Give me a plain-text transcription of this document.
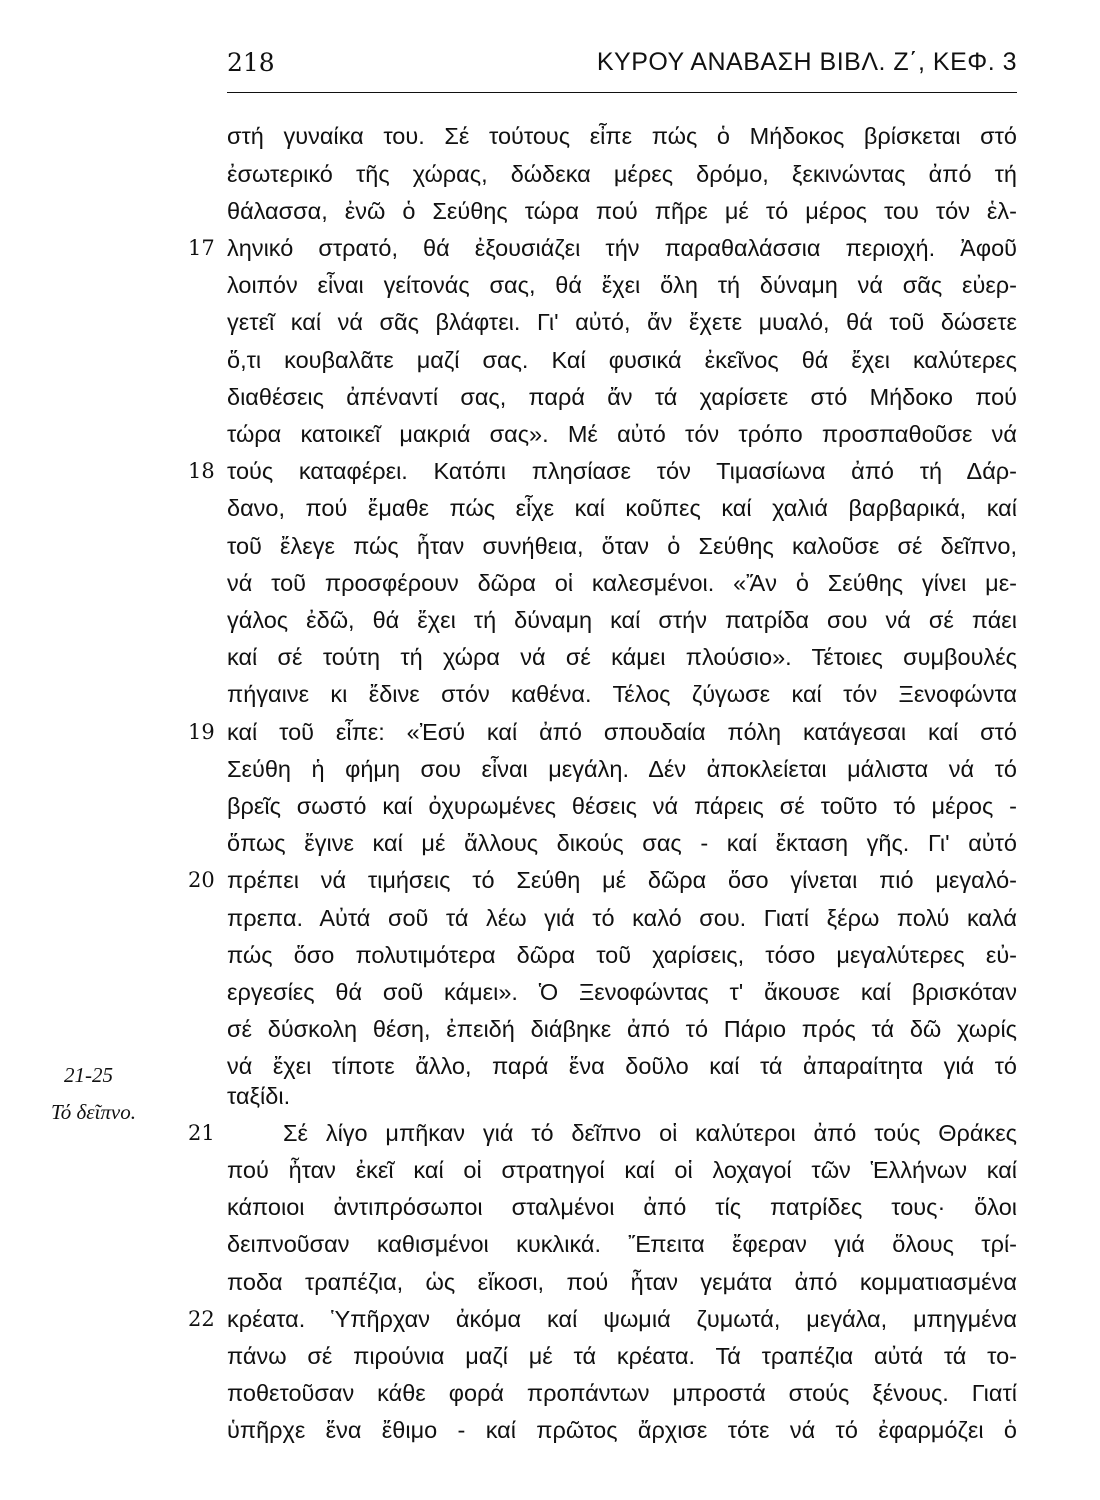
218	ΚΥΡΟΥ ΑΝΑΒΑΣΗ ΒΙΒΛ. Ζ΄, ΚΕΦ. 3
στή γυναίκα του. Σέ τούτους εἶπε πώς ὁ Μήδοκος βρίσκεται στό
ἐσωτερικό τῆς χώρας, δώδεκα μέρες δρόμο, ξεκινώντας ἀπό τή
θάλασσα, ἐνῶ ὁ Σεύθης τώρα πού πῆρε μέ τό μέρος του τόν ἑλ-
ληνικό στρατό, θά ἐξουσιάζει τήν παραθαλάσσια περιοχή. Ἀφοῦ
λοιπόν εἶναι γείτονάς σας, θά ἔχει ὅλη τή δύναμη νά σᾶς εὐερ-
γετεῖ καί νά σᾶς βλάφτει. Γι' αὐτό, ἄν ἔχετε μυαλό, θά τοῦ δώσετε
ὅ,τι κουβαλᾶτε μαζί σας. Καί φυσικά ἐκεῖνος θά ἔχει καλύτερες
διαθέσεις ἀπέναντί σας, παρά ἄν τά χαρίσετε στό Μήδοκο πού
τώρα κατοικεῖ μακριά σας». Μέ αὐτό τόν τρόπο προσπαθοῦσε νά
τούς καταφέρει. Κατόπι πλησίασε τόν Τιμασίωνα ἀπό τή Δάρ-
δανο, πού ἔμαθε πώς εἶχε καί κοῦπες καί χαλιά βαρβαρικά, καί
τοῦ ἔλεγε πώς ἦταν συνήθεια, ὅταν ὁ Σεύθης καλοῦσε σέ δεῖπνο,
νά τοῦ προσφέρουν δῶρα οἱ καλεσμένοι. «Ἄν ὁ Σεύθης γίνει με-
γάλος ἐδῶ, θά ἔχει τή δύναμη καί στήν πατρίδα σου νά σέ πάει
καί σέ τούτη τή χώρα νά σέ κάμει πλούσιο». Τέτοιες συμβουλές
πήγαινε κι ἔδινε στόν καθένα. Τέλος ζύγωσε καί τόν Ξενοφώντα
καί τοῦ εἶπε: «Ἐσύ καί ἀπό σπουδαία πόλη κατάγεσαι καί στό
Σεύθη ἡ φήμη σου εἶναι μεγάλη. Δέν ἀποκλείεται μάλιστα νά τό
βρεῖς σωστό καί ὀχυρωμένες θέσεις νά πάρεις σέ τοῦτο τό μέρος -
ὅπως ἔγινε καί μέ ἄλλους δικούς σας - καί ἔκταση γῆς. Γι' αὐτό
πρέπει νά τιμήσεις τό Σεύθη μέ δῶρα ὅσο γίνεται πιό μεγαλό-
πρεπα. Αὐτά σοῦ τά λέω γιά τό καλό σου. Γιατί ξέρω πολύ καλά
πώς ὅσο πολυτιμότερα δῶρα τοῦ χαρίσεις, τόσο μεγαλύτερες εὐ-
εργεσίες θά σοῦ κάμει». Ὁ Ξενοφώντας τ' ἄκουσε καί βρισκόταν
σέ δύσκολη θέση, ἐπειδή διάβηκε ἀπό τό Πάριο πρός τά δῶ χωρίς
νά ἔχει τίποτε ἄλλο, παρά ἕνα δοῦλο καί τά ἀπαραίτητα γιά τό
ταξίδι.
Σέ λίγο μπῆκαν γιά τό δεῖπνο οἱ καλύτεροι ἀπό τούς Θράκες
πού ἦταν ἐκεῖ καί οἱ στρατηγοί καί οἱ λοχαγοί τῶν Ἑλλήνων καί
κάποιοι ἀντιπρόσωποι σταλμένοι ἀπό τίς πατρίδες τους· ὅλοι
δειπνοῦσαν καθισμένοι κυκλικά. Ἔπειτα ἔφεραν γιά ὅλους τρί-
ποδα τραπέζια, ὡς εἴκοσι, πού ἦταν γεμάτα ἀπό κομματιασμένα
κρέατα. Ὑπῆρχαν ἀκόμα καί ψωμιά ζυμωτά, μεγάλα, μπηγμένα
πάνω σέ πιρούνια μαζί μέ τά κρέατα. Τά τραπέζια αὐτά τά το-
ποθετοῦσαν κάθε φορά προπάντων μπροστά στούς ξένους. Γιατί
ὑπῆρχε ἕνα ἔθιμο - καί πρῶτος ἄρχισε τότε νά τό ἐφαρμόζει ὁ
17
18
19
20
21
22
21-25
Τό δεῖπνο.
